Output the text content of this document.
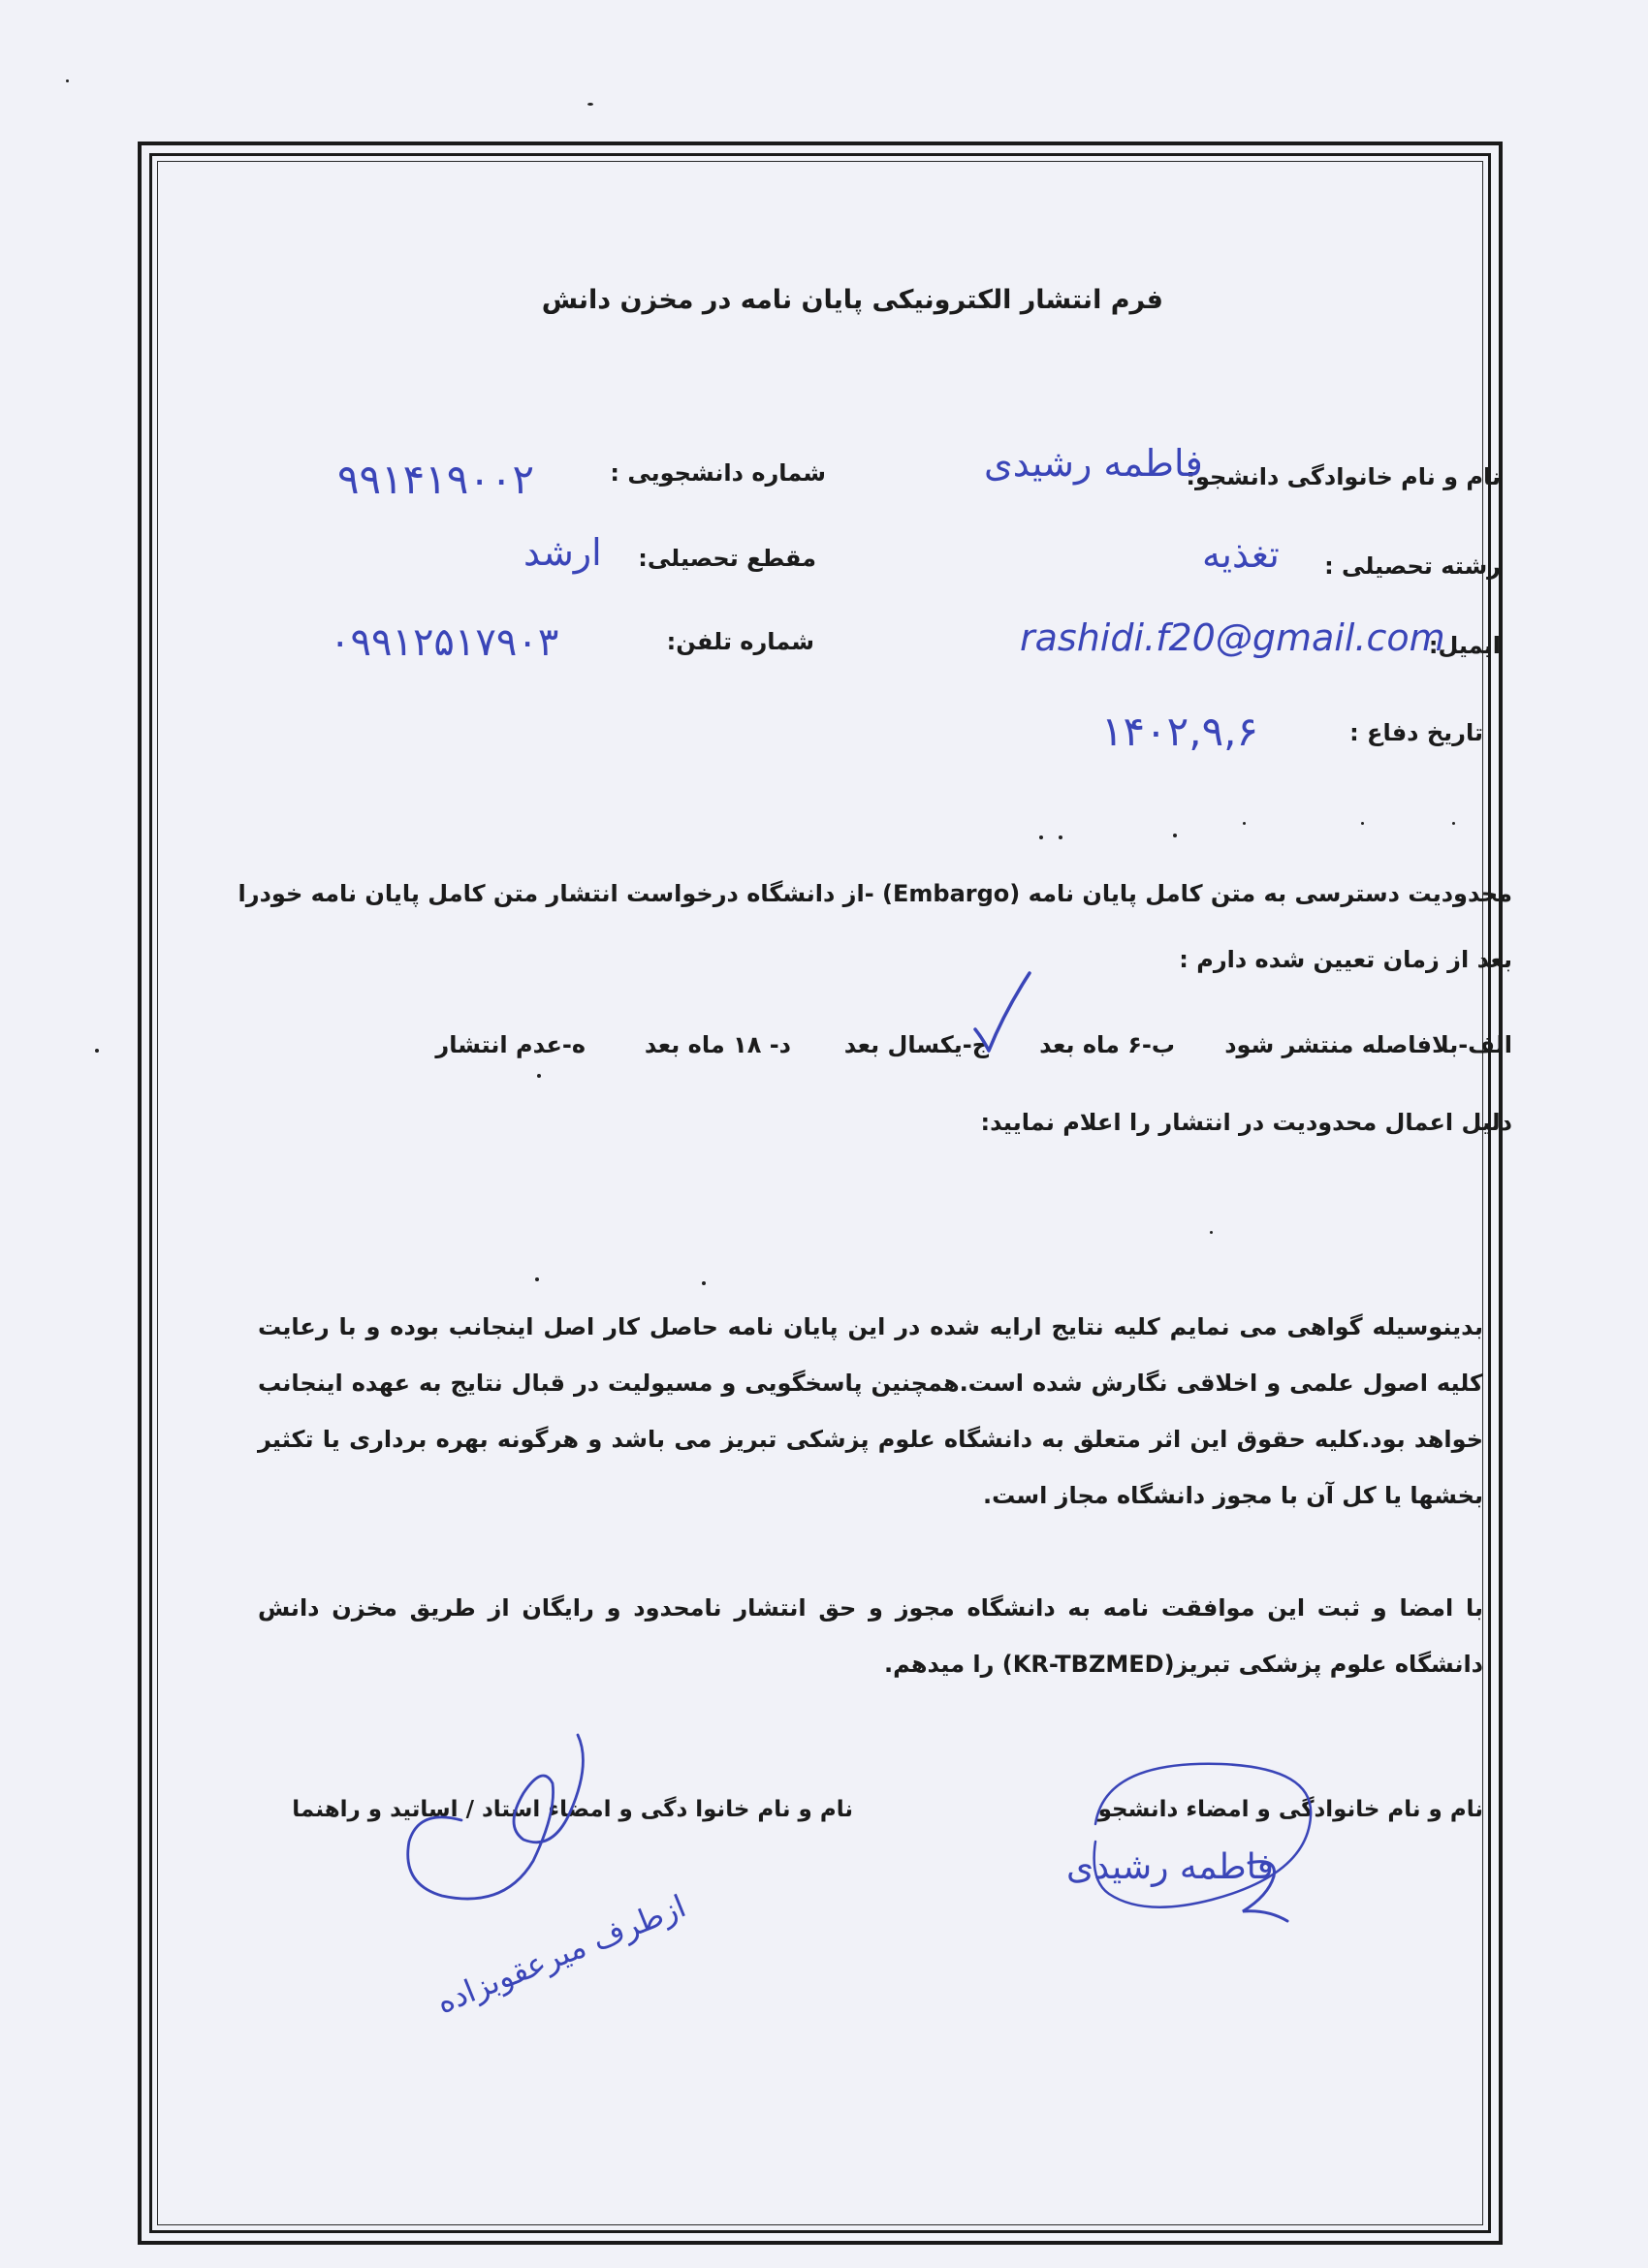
فرم انتشار الکترونیکی پایان نامه در مخزن دانش
نام و نام خانوادگی دانشجو:
فاطمه رشیدی
شماره دانشجویی :
۹۹۱۴۱۹۰۰۲
رشته تحصیلی :
تغذیه
مقطع تحصیلی:
ارشد
ایمیل:
rashidi.f20@gmail.com
شماره تلفن:
۰۹۹۱۲۵۱۷۹۰۳
تاریخ دفاع :
۱۴۰۲,۹,۶
محدودیت دسترسی به متن کامل پایان نامه (Embargo) -از دانشگاه درخواست انتشار متن کامل پایان نامه خودرا
بعد از زمان تعیین شده دارم :
الف-بلافاصله منتشر شود
ب-۶ ماه بعد
ج-یکسال بعد
د- ۱۸ ماه بعد
ه-عدم انتشار
دلیل اعمال محدودیت در انتشار را اعلام نمایید:
بدینوسیله گواهی می نمایم کلیه نتایج ارایه شده در این پایان نامه حاصل کار اصل اینجانب بوده و با رعایت کلیه اصول علمی و اخلاقی نگارش شده است.همچنین پاسخگویی و مسیولیت در قبال نتایج به عهده اینجانب خواهد بود.کلیه حقوق این اثر متعلق به دانشگاه علوم پزشکی تبریز می باشد و هرگونه بهره برداری یا تکثیر بخشها یا کل آن با مجوز دانشگاه مجاز است.
با امضا و ثبت این موافقت نامه به دانشگاه مجوز و حق انتشار نامحدود و رایگان از طریق مخزن دانش دانشگاه علوم پزشکی تبریز(KR-TBZMED) را میدهم.
نام و نام خانوادگی و امضاء دانشجو
نام و نام خانوا دگی و امضاء استاد / اساتید و راهنما
فاطمه رشیدی
ازطرف میرعقوبزاده
